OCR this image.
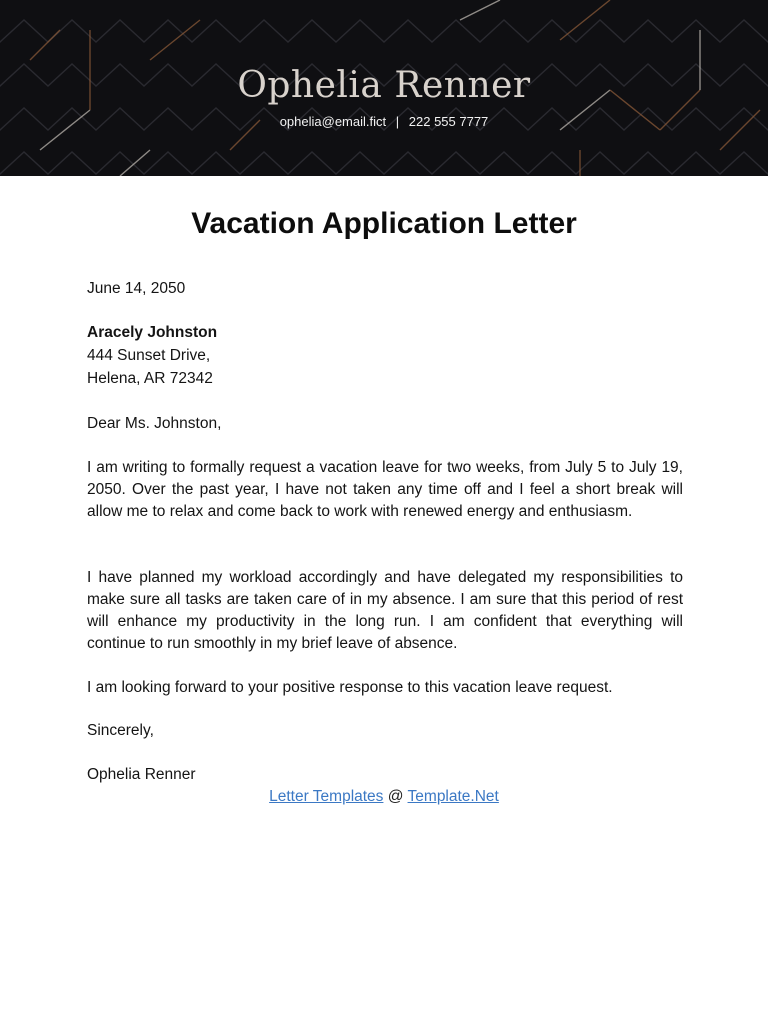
Ophelia Renner
ophelia@email.fict | 222 555 7777
Vacation Application Letter
June 14, 2050
Aracely Johnston
444 Sunset Drive,
Helena, AR 72342
Dear Ms. Johnston,
I am writing to formally request a vacation leave for two weeks, from July 5 to July 19, 2050. Over the past year, I have not taken any time off and I feel a short break will allow me to relax and come back to work with renewed energy and enthusiasm.
I have planned my workload accordingly and have delegated my responsibilities to make sure all tasks are taken care of in my absence. I am sure that this period of rest will enhance my productivity in the long run. I am confident that everything will continue to run smoothly in my brief leave of absence.
I am looking forward to your positive response to this vacation leave request.
Sincerely,
Ophelia Renner
Letter Templates @ Template.Net
